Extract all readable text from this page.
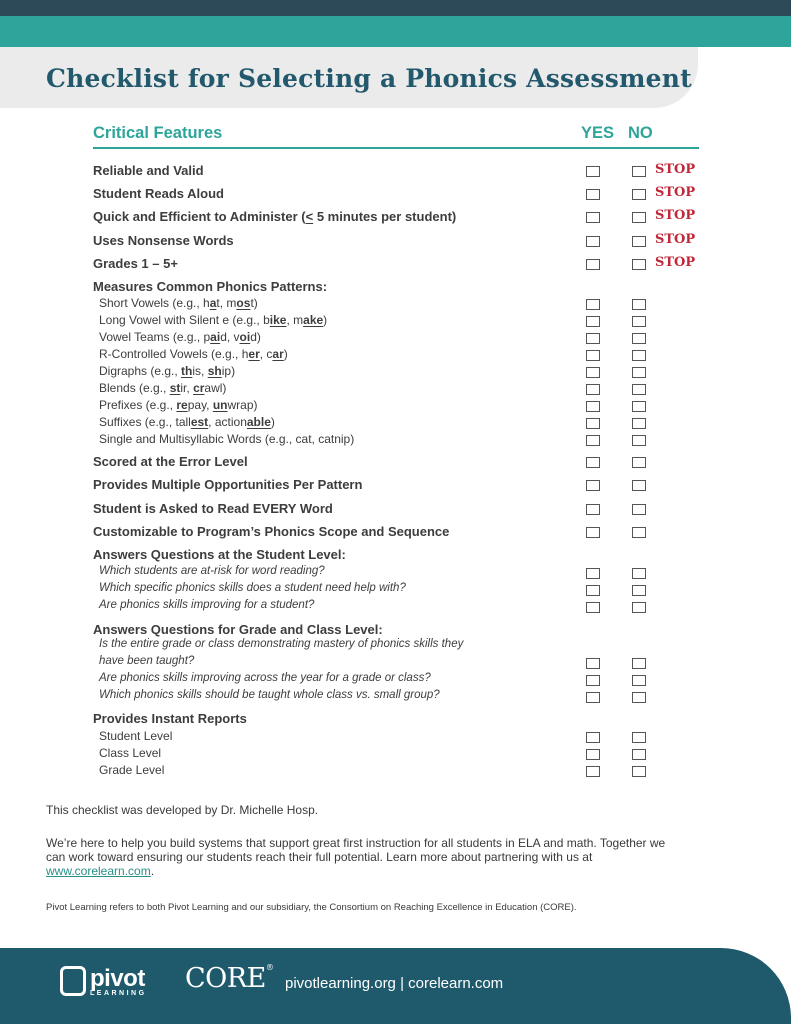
Checklist for Selecting a Phonics Assessment
Critical Features	YES NO
Reliable and Valid	STOP
Student Reads Aloud	STOP
Quick and Efficient to Administer (< 5 minutes per student)	STOP
Uses Nonsense Words	STOP
Grades 1 – 5+	STOP
Measures Common Phonics Patterns:
Short Vowels (e.g., hat, most)
Long Vowel with Silent e (e.g., bike, make)
Vowel Teams (e.g., paid, void)
R-Controlled Vowels (e.g., her, car)
Digraphs (e.g., this, ship)
Blends (e.g., stir, crawl)
Prefixes (e.g., repay, unwrap)
Suffixes (e.g., tallest, actionable)
Single and Multisyllabic Words (e.g., cat, catnip)
Scored at the Error Level
Provides Multiple Opportunities Per Pattern
Student is Asked to Read EVERY Word
Customizable to Program’s Phonics Scope and Sequence
Answers Questions at the Student Level:
Which students are at-risk for word reading?
Which specific phonics skills does a student need help with?
Are phonics skills improving for a student?
Answers Questions for Grade and Class Level:
Is the entire grade or class demonstrating mastery of phonics skills they
have been taught?
Are phonics skills improving across the year for a grade or class?
Which phonics skills should be taught whole class vs. small group?
Provides Instant Reports
Student Level
Class Level
Grade Level
This checklist was developed by Dr. Michelle Hosp.
We’re here to help you build systems that support great first instruction for all students in ELA and math. Together we
can work toward ensuring our students reach their full potential. Learn more about partnering with us at
www.corelearn.com.
Pivot Learning refers to both Pivot Learning and our subsidiary, the Consortium on Reaching Excellence in Education (CORE).
pivot
LEARNING CORE®
pivotlearning.org | corelearn.com
